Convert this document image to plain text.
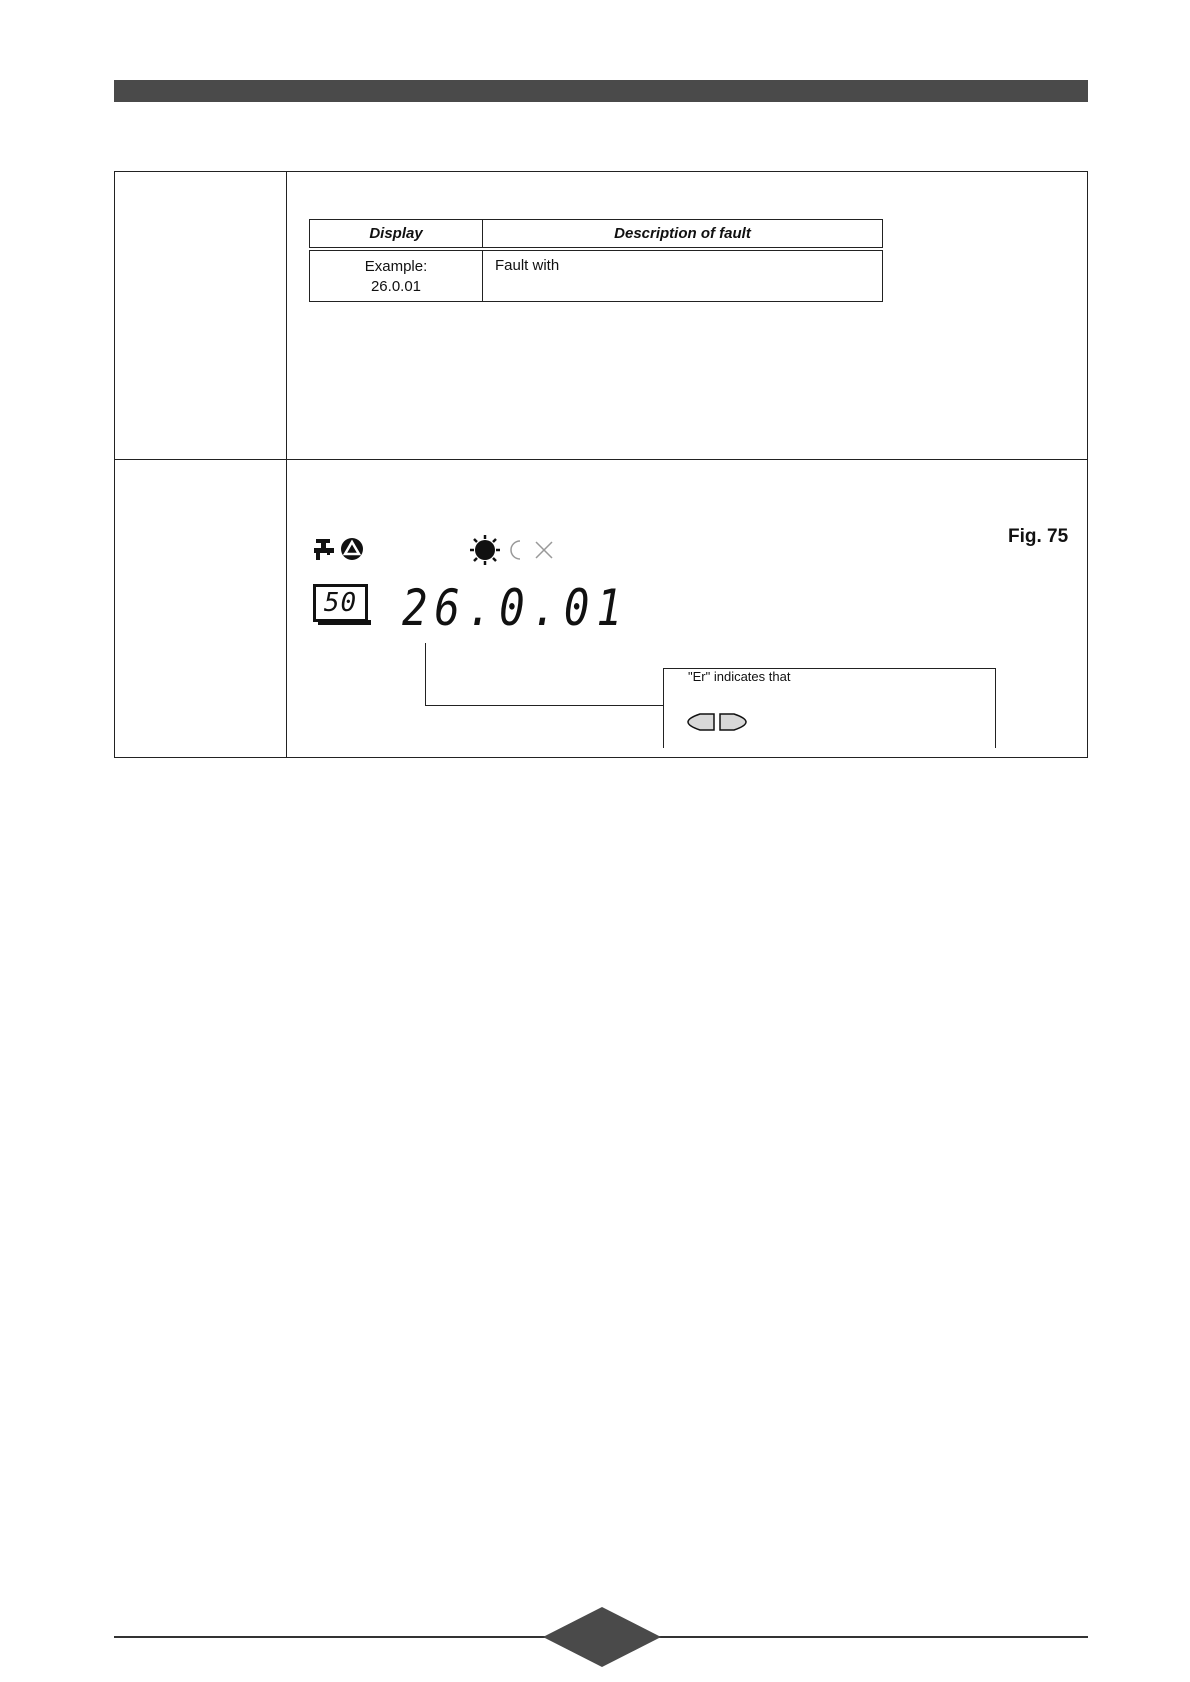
Display	Description of fault

Example:
26.0.01	Fault with
Fig. 75
50 26.0.01
"Er" indicates that
